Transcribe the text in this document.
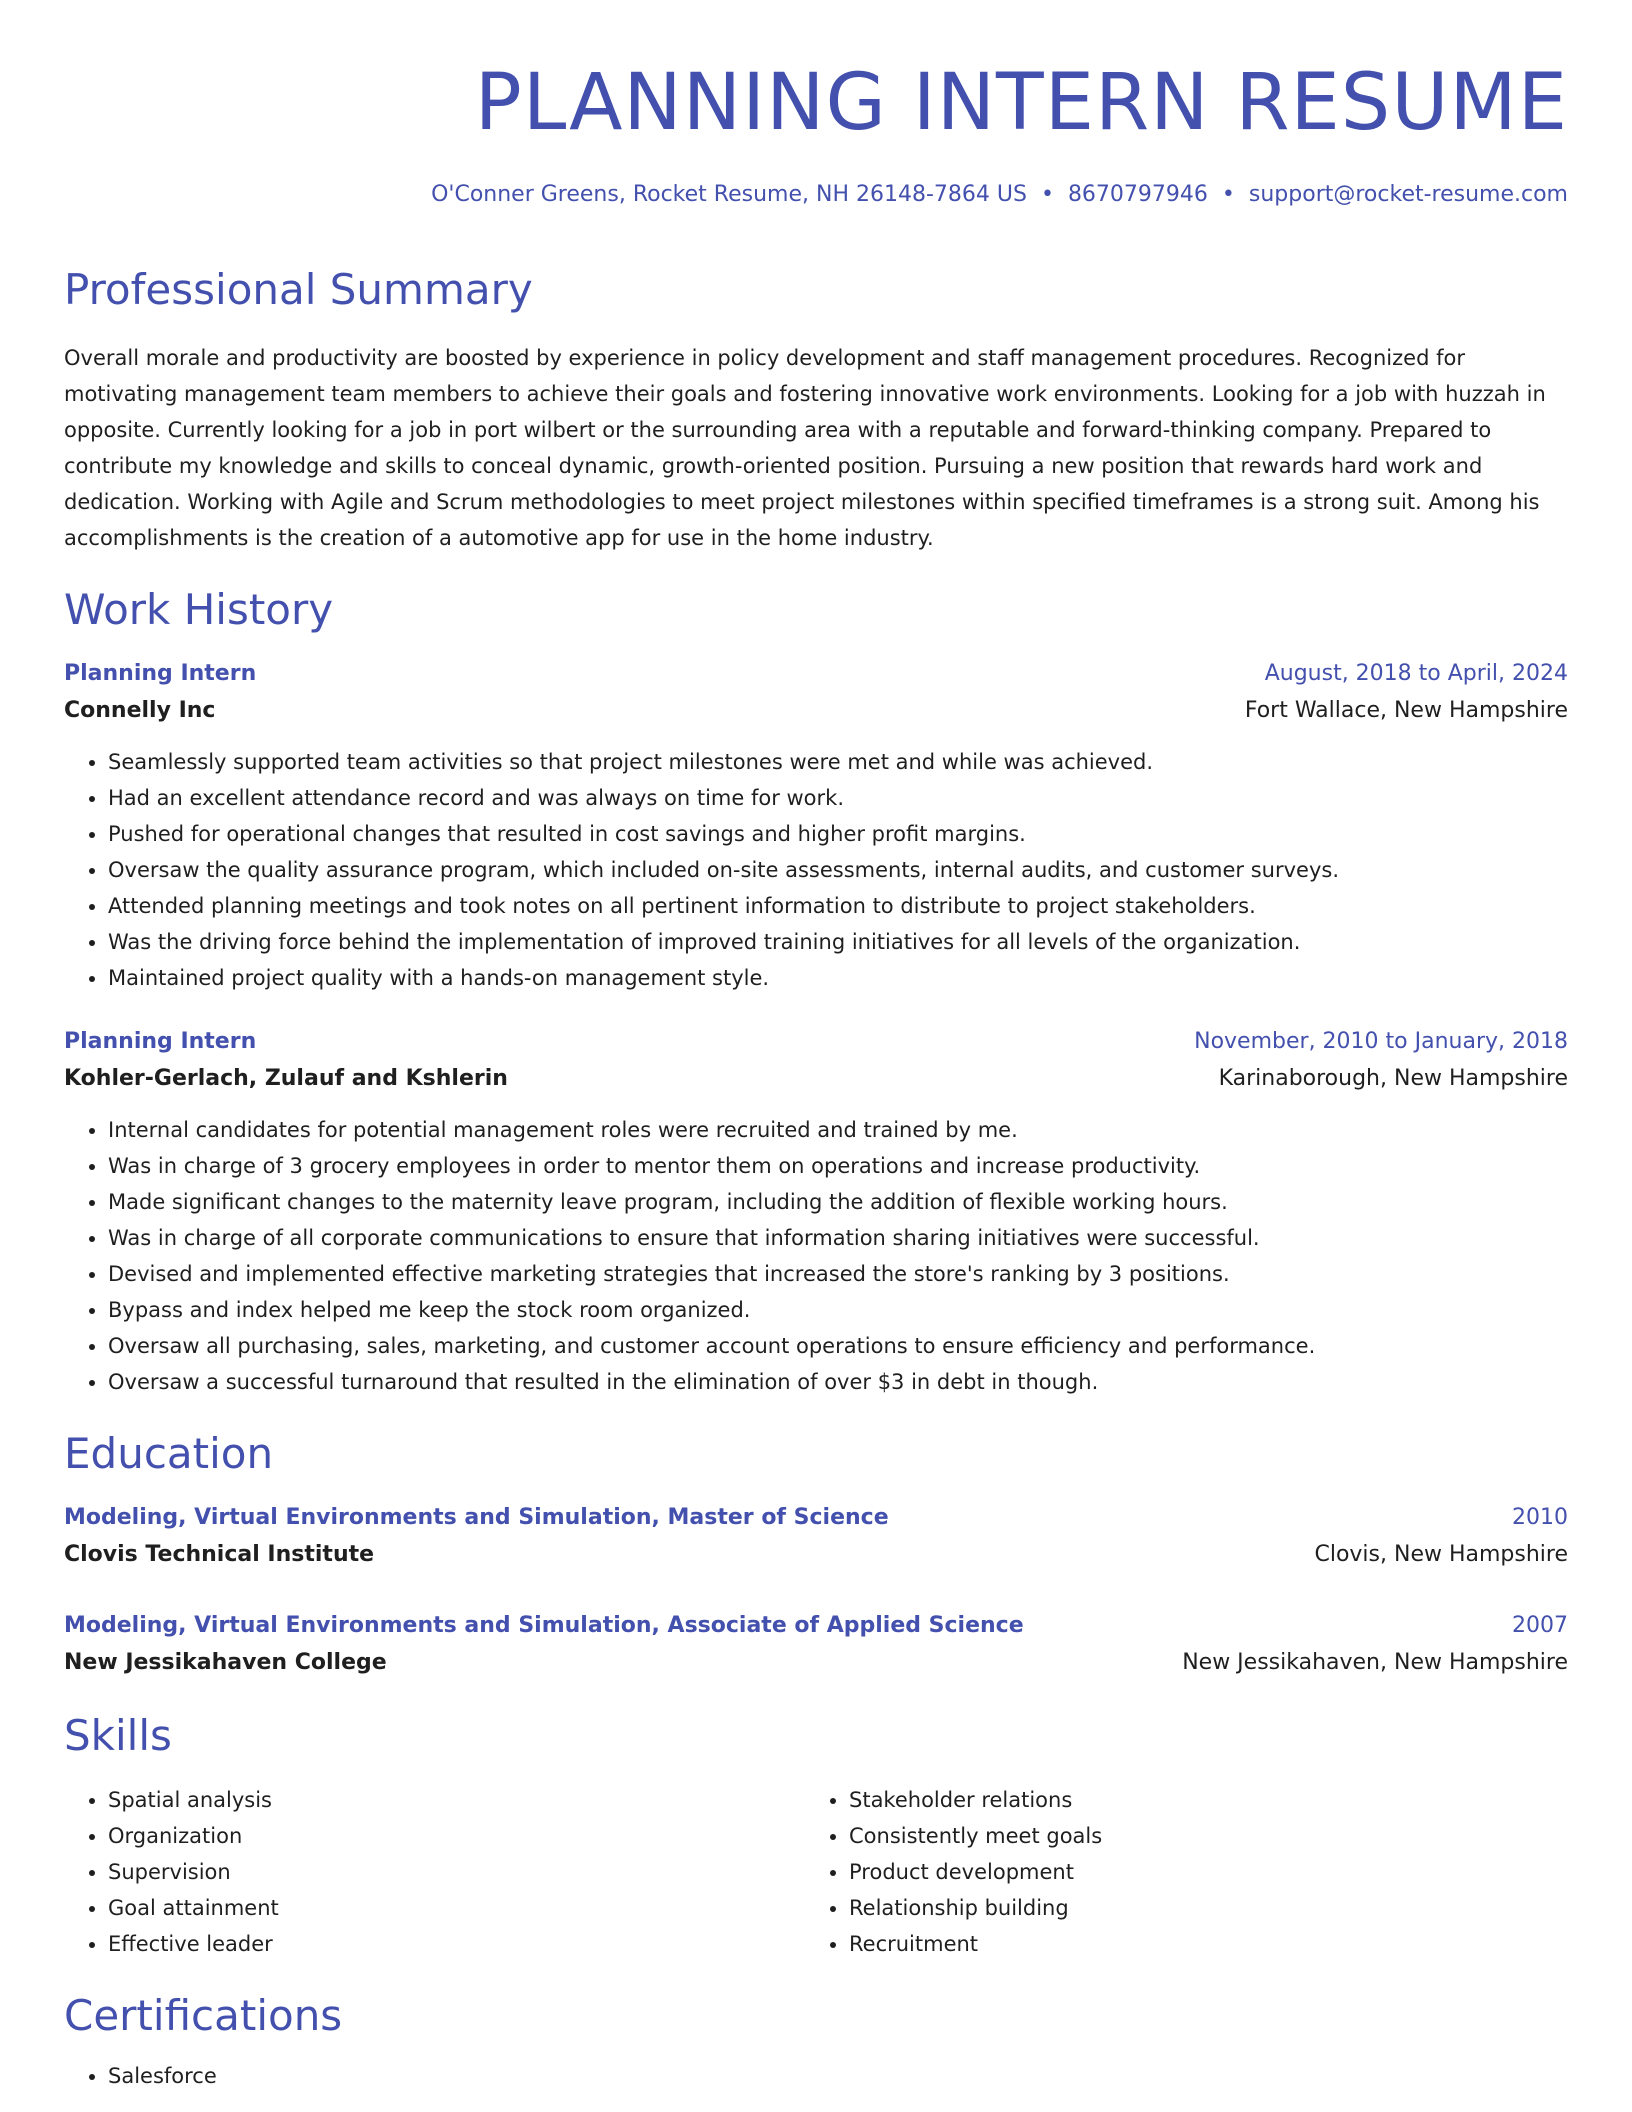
PLANNING INTERN RESUME
O'Conner Greens, Rocket Resume, NH 26148-7864 US • 8670797946 • support@rocket-resume.com
Professional Summary
Overall morale and productivity are boosted by experience in policy development and staff management procedures. Recognized for motivating management team members to achieve their goals and fostering innovative work environments. Looking for a job with huzzah in opposite. Currently looking for a job in port wilbert or the surrounding area with a reputable and forward-thinking company. Prepared to contribute my knowledge and skills to conceal dynamic, growth-oriented position. Pursuing a new position that rewards hard work and dedication. Working with Agile and Scrum methodologies to meet project milestones within specified timeframes is a strong suit. Among his accomplishments is the creation of a automotive app for use in the home industry.
Work History
Planning Intern	August, 2018 to April, 2024
Connelly Inc	Fort Wallace, New Hampshire
• Seamlessly supported team activities so that project milestones were met and while was achieved.
• Had an excellent attendance record and was always on time for work.
• Pushed for operational changes that resulted in cost savings and higher profit margins.
• Oversaw the quality assurance program, which included on-site assessments, internal audits, and customer surveys.
• Attended planning meetings and took notes on all pertinent information to distribute to project stakeholders.
• Was the driving force behind the implementation of improved training initiatives for all levels of the organization.
• Maintained project quality with a hands-on management style.
Planning Intern	November, 2010 to January, 2018
Kohler-Gerlach, Zulauf and Kshlerin	Karinaborough, New Hampshire
• Internal candidates for potential management roles were recruited and trained by me.
• Was in charge of 3 grocery employees in order to mentor them on operations and increase productivity.
• Made significant changes to the maternity leave program, including the addition of flexible working hours.
• Was in charge of all corporate communications to ensure that information sharing initiatives were successful.
• Devised and implemented effective marketing strategies that increased the store's ranking by 3 positions.
• Bypass and index helped me keep the stock room organized.
• Oversaw all purchasing, sales, marketing, and customer account operations to ensure efficiency and performance.
• Oversaw a successful turnaround that resulted in the elimination of over $3 in debt in though.
Education
Modeling, Virtual Environments and Simulation, Master of Science	2010
Clovis Technical Institute	Clovis, New Hampshire
Modeling, Virtual Environments and Simulation, Associate of Applied Science	2007
New Jessikahaven College	New Jessikahaven, New Hampshire
Skills
• Spatial analysis
• Organization
• Supervision
• Goal attainment
• Effective leader
• Stakeholder relations
• Consistently meet goals
• Product development
• Relationship building
• Recruitment
Certifications
• Salesforce
